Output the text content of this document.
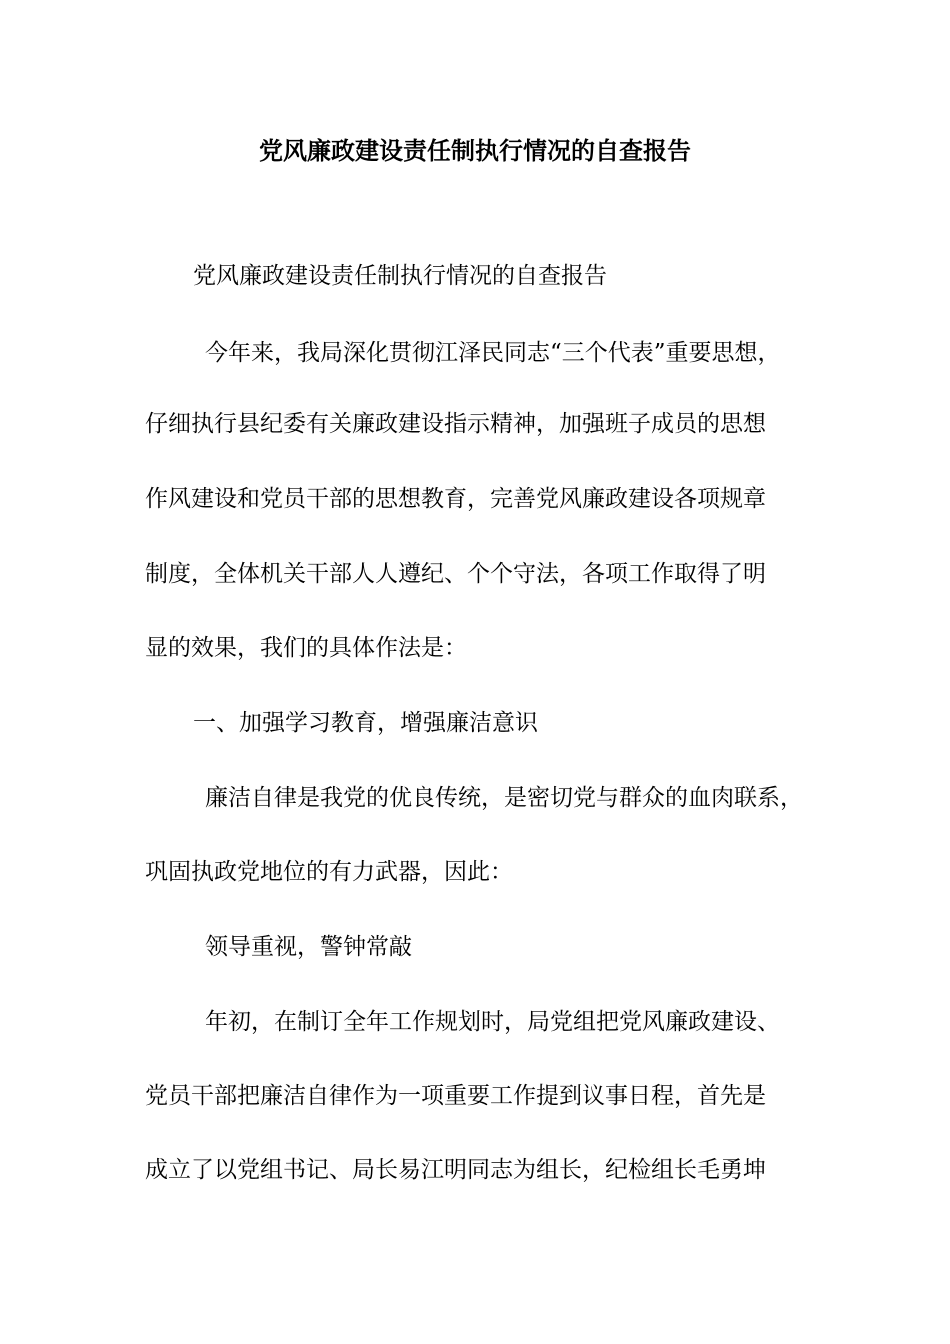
党风廉政建设责任制执行情况的自查报告
党风廉政建设责任制执行情况的自查报告
今年来，我局深化贯彻江泽民同志“三个代表”重要思想，
仔细执行县纪委有关廉政建设指示精神，加强班子成员的思想
作风建设和党员干部的思想教育，完善党风廉政建设各项规章
制度，全体机关干部人人遵纪、个个守法，各项工作取得了明
显的效果，我们的具体作法是：
一、加强学习教育，增强廉洁意识
廉洁自律是我党的优良传统，是密切党与群众的血肉联系，
巩固执政党地位的有力武器，因此：
领导重视，警钟常敲
年初，在制订全年工作规划时，局党组把党风廉政建设、
党员干部把廉洁自律作为一项重要工作提到议事日程，首先是
成立了以党组书记、局长易江明同志为组长，纪检组长毛勇坤
